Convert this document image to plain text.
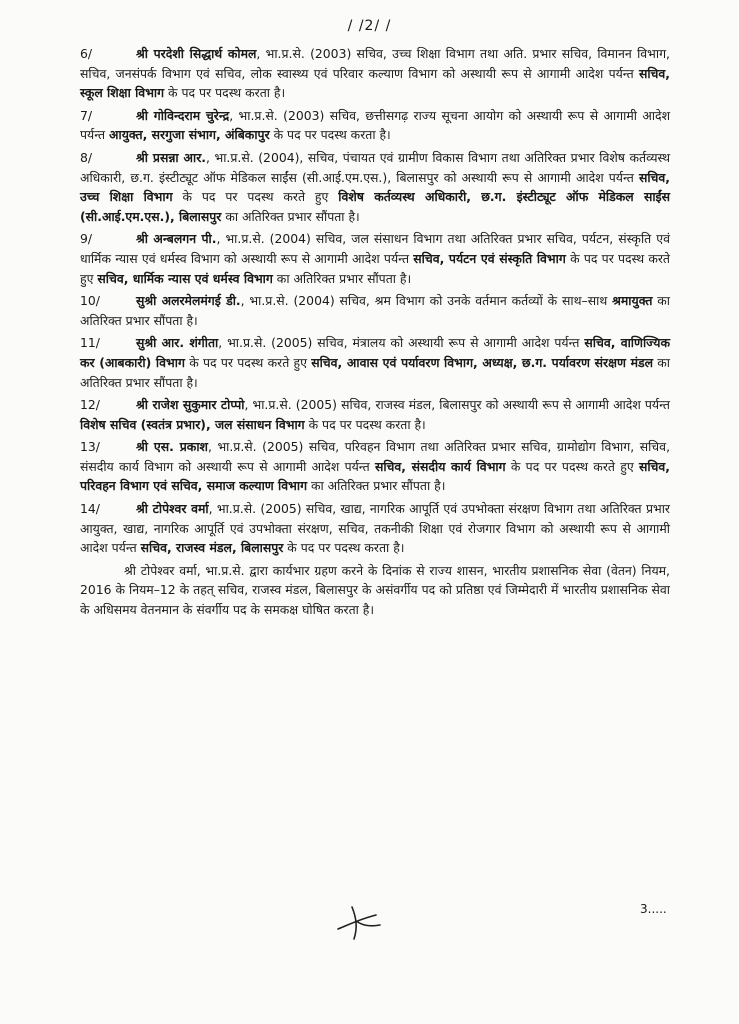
/ /2/ /

6/	श्री परदेशी सिद्धार्थ कोमल, भा.प्र.से. (2003) सचिव, उच्च शिक्षा विभाग तथा अति. प्रभार सचिव, विमानन विभाग, सचिव, जनसंपर्क विभाग एवं सचिव, लोक स्वास्थ्य एवं परिवार कल्याण विभाग को अस्थायी रूप से आगामी आदेश पर्यन्त सचिव, स्कूल शिक्षा विभाग के पद पर पदस्थ करता है।

7/	श्री गोविन्दराम चुरेन्द्र, भा.प्र.से. (2003) सचिव, छत्तीसगढ़ राज्य सूचना आयोग को अस्थायी रूप से आगामी आदेश पर्यन्त आयुक्त, सरगुजा संभाग, अंबिकापुर के पद पर पदस्थ करता है।

8/	श्री प्रसन्ना आर., भा.प्र.से. (2004), सचिव, पंचायत एवं ग्रामीण विकास विभाग तथा अतिरिक्त प्रभार विशेष कर्तव्यस्थ अधिकारी, छ.ग. इंस्टीट्यूट ऑफ मेडिकल साईंस (सी.आई.एम.एस.), बिलासपुर को अस्थायी रूप से आगामी आदेश पर्यन्त सचिव, उच्च शिक्षा विभाग के पद पर पदस्थ करते हुए विशेष कर्तव्यस्थ अधिकारी, छ.ग. इंस्टीट्यूट ऑफ मेडिकल साईंस (सी.आई.एम.एस.), बिलासपुर का अतिरिक्त प्रभार सौंपता है।

9/	श्री अन्बलगन पी., भा.प्र.से. (2004) सचिव, जल संसाधन विभाग तथा अतिरिक्त प्रभार सचिव, पर्यटन, संस्कृति एवं धार्मिक न्यास एवं धर्मस्व विभाग को अस्थायी रूप से आगामी आदेश पर्यन्त सचिव, पर्यटन एवं संस्कृति विभाग के पद पर पदस्थ करते हुए सचिव, धार्मिक न्यास एवं धर्मस्व विभाग का अतिरिक्त प्रभार सौंपता है।

10/	सुश्री अलरमेलमंगई डी., भा.प्र.से. (2004) सचिव, श्रम विभाग को उनके वर्तमान कर्तव्यों के साथ–साथ श्रमायुक्त का अतिरिक्त प्रभार सौंपता है।

11/	सुश्री आर. शंगीता, भा.प्र.से. (2005) सचिव, मंत्रालय को अस्थायी रूप से आगामी आदेश पर्यन्त सचिव, वाणिज्यिक कर (आबकारी) विभाग के पद पर पदस्थ करते हुए सचिव, आवास एवं पर्यावरण विभाग, अध्यक्ष, छ.ग. पर्यावरण संरक्षण मंडल का अतिरिक्त प्रभार सौंपता है।

12/	श्री राजेश सुकुमार टोप्पो, भा.प्र.से. (2005) सचिव, राजस्व मंडल, बिलासपुर को अस्थायी रूप से आगामी आदेश पर्यन्त विशेष सचिव (स्वतंत्र प्रभार), जल संसाधन विभाग के पद पर पदस्थ करता है।

13/	श्री एस. प्रकाश, भा.प्र.से. (2005) सचिव, परिवहन विभाग तथा अतिरिक्त प्रभार सचिव, ग्रामोद्योग विभाग, सचिव, संसदीय कार्य विभाग को अस्थायी रूप से आगामी आदेश पर्यन्त सचिव, संसदीय कार्य विभाग के पद पर पदस्थ करते हुए सचिव, परिवहन विभाग एवं सचिव, समाज कल्याण विभाग का अतिरिक्त प्रभार सौंपता है।

14/	श्री टोपेश्वर वर्मा, भा.प्र.से. (2005) सचिव, खाद्य, नागरिक आपूर्ति एवं उपभोक्ता संरक्षण विभाग तथा अतिरिक्त प्रभार आयुक्त, खाद्य, नागरिक आपूर्ति एवं उपभोक्ता संरक्षण, सचिव, तकनीकी शिक्षा एवं रोजगार विभाग को अस्थायी रूप से आगामी आदेश पर्यन्त सचिव, राजस्व मंडल, बिलासपुर के पद पर पदस्थ करता है।

श्री टोपेश्वर वर्मा, भा.प्र.से. द्वारा कार्यभार ग्रहण करने के दिनांक से राज्य शासन, भारतीय प्रशासनिक सेवा (वेतन) नियम, 2016 के नियम–12 के तहत् सचिव, राजस्व मंडल, बिलासपुर के असंवर्गीय पद को प्रतिष्ठा एवं जिम्मेदारी में भारतीय प्रशासनिक सेवा के अधिसमय वेतनमान के संवर्गीय पद के समकक्ष घोषित करता है।

3.....
